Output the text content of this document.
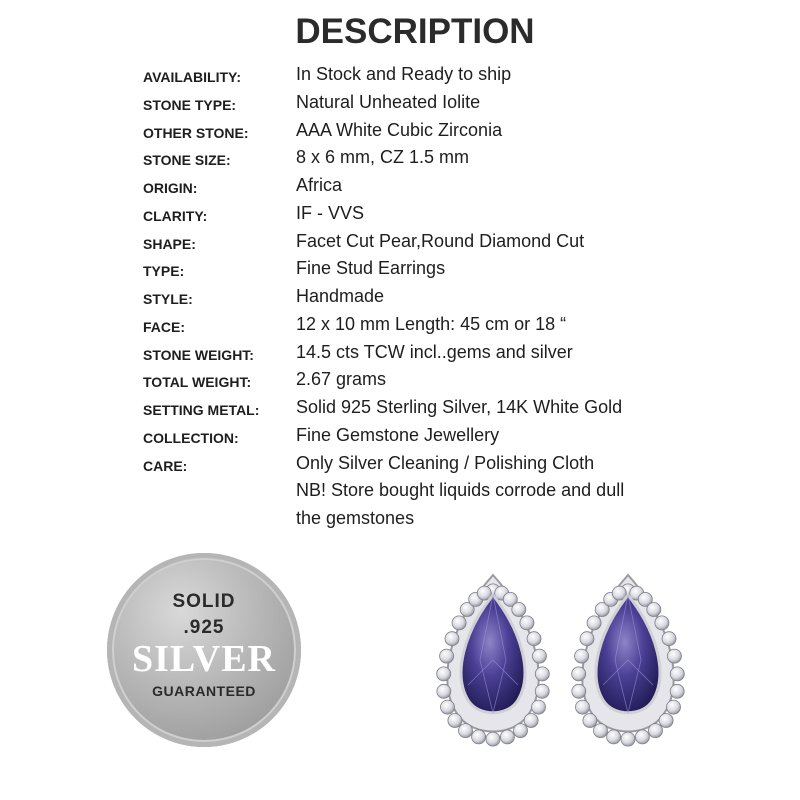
DESCRIPTION
AVAILABILITY:	In Stock and Ready to ship
STONE TYPE:	Natural Unheated Iolite
OTHER STONE:	AAA White Cubic Zirconia
STONE SIZE:	8 x 6 mm, CZ 1.5 mm
ORIGIN:	Africa
CLARITY:	IF - VVS
SHAPE:	Facet Cut Pear,Round Diamond Cut
TYPE:	Fine Stud Earrings
STYLE:	Handmade
FACE:	12 x 10 mm Length: 45 cm or 18 “
STONE WEIGHT: 14.5 cts TCW incl..gems and silver
TOTAL WEIGHT: 2.67 grams
SETTING METAL: Solid 925 Sterling Silver, 14K White Gold
COLLECTION:	Fine Gemstone Jewellery
CARE:	Only Silver Cleaning / Polishing Cloth
NB! Store bought liquids corrode and dull
the gemstones
SOLID
.925
SILVER
GUARANTEED
